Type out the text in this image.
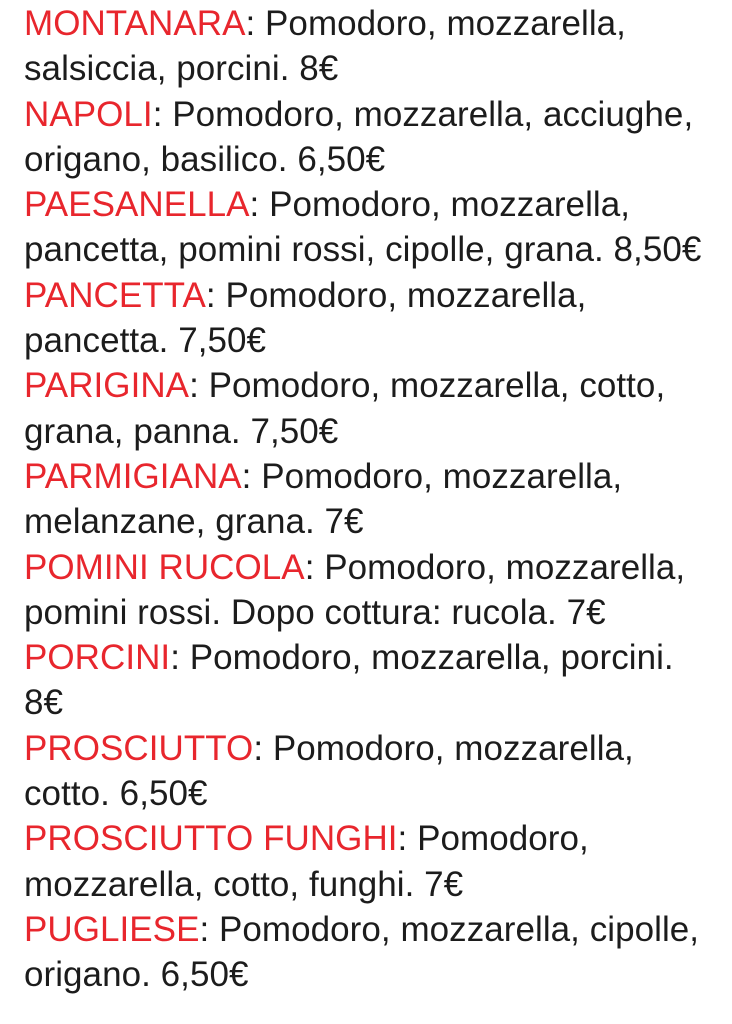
MONTANARA: Pomodoro, mozzarella, salsiccia, porcini. 8€

NAPOLI: Pomodoro, mozzarella, acciughe, origano, basilico. 6,50€

PAESANELLA: Pomodoro, mozzarella, pancetta, pomini rossi, cipolle, grana. 8,50€

PANCETTA: Pomodoro, mozzarella, pancetta. 7,50€

PARIGINA: Pomodoro, mozzarella, cotto, grana, panna. 7,50€

PARMIGIANA: Pomodoro, mozzarella, melanzane, grana. 7€

POMINI RUCOLA: Pomodoro, mozzarella, pomini rossi. Dopo cottura: rucola. 7€

PORCINI: Pomodoro, mozzarella, porcini. 8€

PROSCIUTTO: Pomodoro, mozzarella, cotto. 6,50€

PROSCIUTTO FUNGHI: Pomodoro, mozzarella, cotto, funghi. 7€

PUGLIESE: Pomodoro, mozzarella, cipolle, origano. 6,50€
